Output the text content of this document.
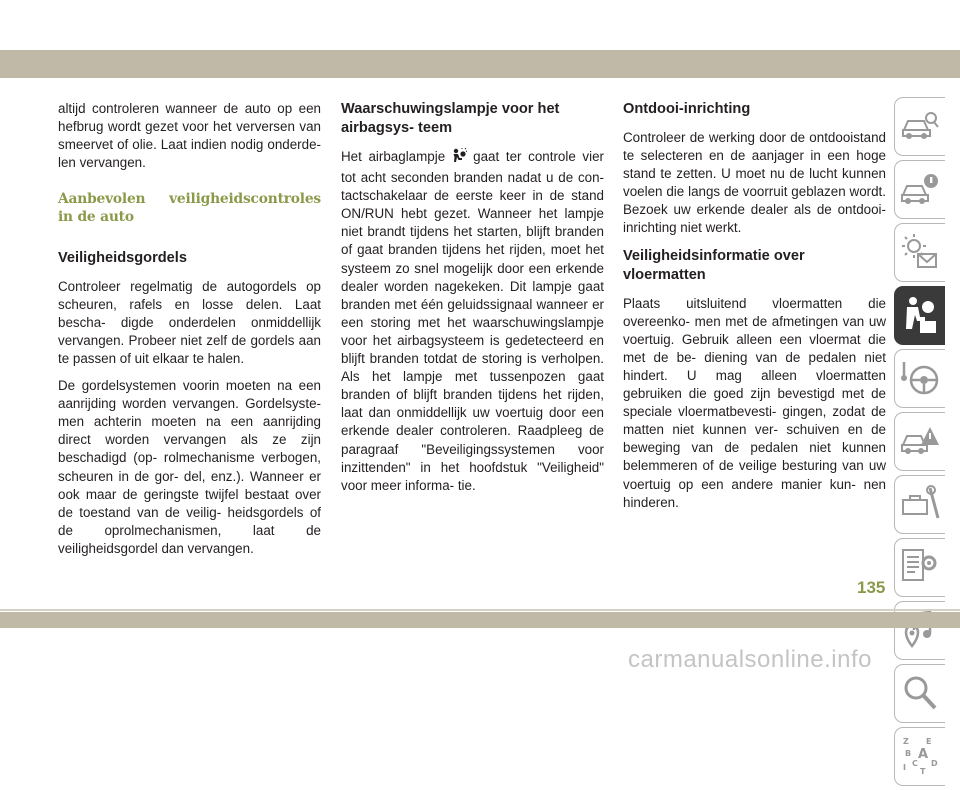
altijd controleren wanneer de auto op een hefbrug wordt gezet voor het verversen van smeervet of olie. Laat indien nodig onderde- len vervangen.

Aanbevolen veiligheidscontroles in de auto
Veiligheidsgordels

Controleer regelmatig de autogordels op scheuren, rafels en losse delen. Laat bescha- digde onderdelen onmiddellijk vervangen. Probeer niet zelf de gordels aan te passen of uit elkaar te halen.

De gordelsystemen voorin moeten na een aanrijding worden vervangen. Gordelsyste- men achterin moeten na een aanrijding direct worden vervangen als ze zijn beschadigd (op- rolmechanisme verbogen, scheuren in de gor- del, enz.). Wanneer er ook maar de geringste twijfel bestaat over de toestand van de veilig- heidsgordels of de oprolmechanismen, laat de veiligheidsgordel dan vervangen.

Waarschuwingslampje voor het airbagsys- teem

Het airbaglampje gaat ter controle vier tot acht seconden branden nadat u de con- tactschakelaar de eerste keer in de stand ON/RUN hebt gezet. Wanneer het lampje niet brandt tijdens het starten, blijft branden of gaat branden tijdens het rijden, moet het systeem zo snel mogelijk door een erkende dealer worden nagekeken. Dit lampje gaat branden met één geluidssignaal wanneer er een storing met het waarschuwingslampje voor het airbagsysteem is gedetecteerd en blijft branden totdat de storing is verholpen. Als het lampje met tussenpozen gaat branden of blijft branden tijdens het rijden, laat dan onmiddellijk uw voertuig door een erkende dealer controleren. Raadpleeg de paragraaf "Beveiligingssystemen voor inzittenden" in het hoofdstuk "Veiligheid" voor meer informa- tie.

Ontdooi-inrichting

Controleer de werking door de ontdooistand te selecteren en de aanjager in een hoge stand te zetten. U moet nu de lucht kunnen voelen die langs de voorruit geblazen wordt. Bezoek uw erkende dealer als de ontdooi- inrichting niet werkt.

Veiligheidsinformatie over vloermatten

Plaats uitsluitend vloermatten die overeenko- men met de afmetingen van uw voertuig. Gebruik alleen een vloermat die met de be- diening van de pedalen niet hindert. U mag alleen vloermatten gebruiken die goed zijn bevestigd met de speciale vloermatbevesti- gingen, zodat de matten niet kunnen ver- schuiven en de beweging van de pedalen niet kunnen belemmeren of de veilige besturing van uw voertuig op een andere manier kun- nen hinderen.

Z E
B A
C D
I T
135
carmanualsonline.info
